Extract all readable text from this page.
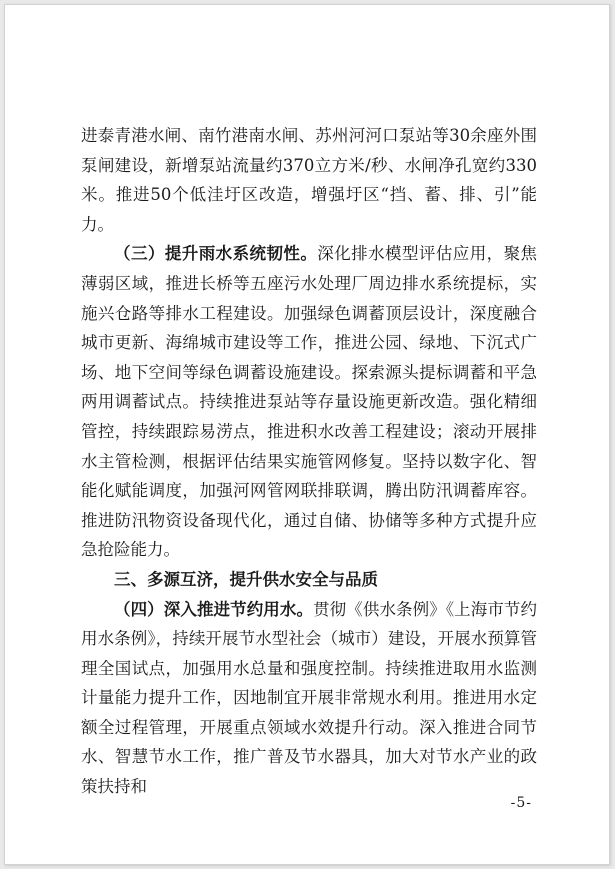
进泰青港水闸、南竹港南水闸、苏州河河口泵站等30余座外围泵闸建设，新增泵站流量约370立方米/秒、水闸净孔宽约330米。推进50个低洼圩区改造，增强圩区“挡、蓄、排、引”能力。

（三）提升雨水系统韧性。深化排水模型评估应用，聚焦薄弱区域，推进长桥等五座污水处理厂周边排水系统提标，实施兴仓路等排水工程建设。加强绿色调蓄顶层设计，深度融合城市更新、海绵城市建设等工作，推进公园、绿地、下沉式广场、地下空间等绿色调蓄设施建设。探索源头提标调蓄和平急两用调蓄试点。持续推进泵站等存量设施更新改造。强化精细管控，持续跟踪易涝点，推进积水改善工程建设；滚动开展排水主管检测，根据评估结果实施管网修复。坚持以数字化、智能化赋能调度，加强河网管网联排联调，腾出防汛调蓄库容。推进防汛物资设备现代化，通过自储、协储等多种方式提升应急抢险能力。

三、多源互济，提升供水安全与品质

（四）深入推进节约用水。贯彻《供水条例》《上海市节约用水条例》，持续开展节水型社会（城市）建设，开展水预算管理全国试点，加强用水总量和强度控制。持续推进取用水监测计量能力提升工作，因地制宜开展非常规水利用。推进用水定额全过程管理，开展重点领域水效提升行动。深入推进合同节水、智慧节水工作，推广普及节水器具，加大对节水产业的政策扶持和

-5-
